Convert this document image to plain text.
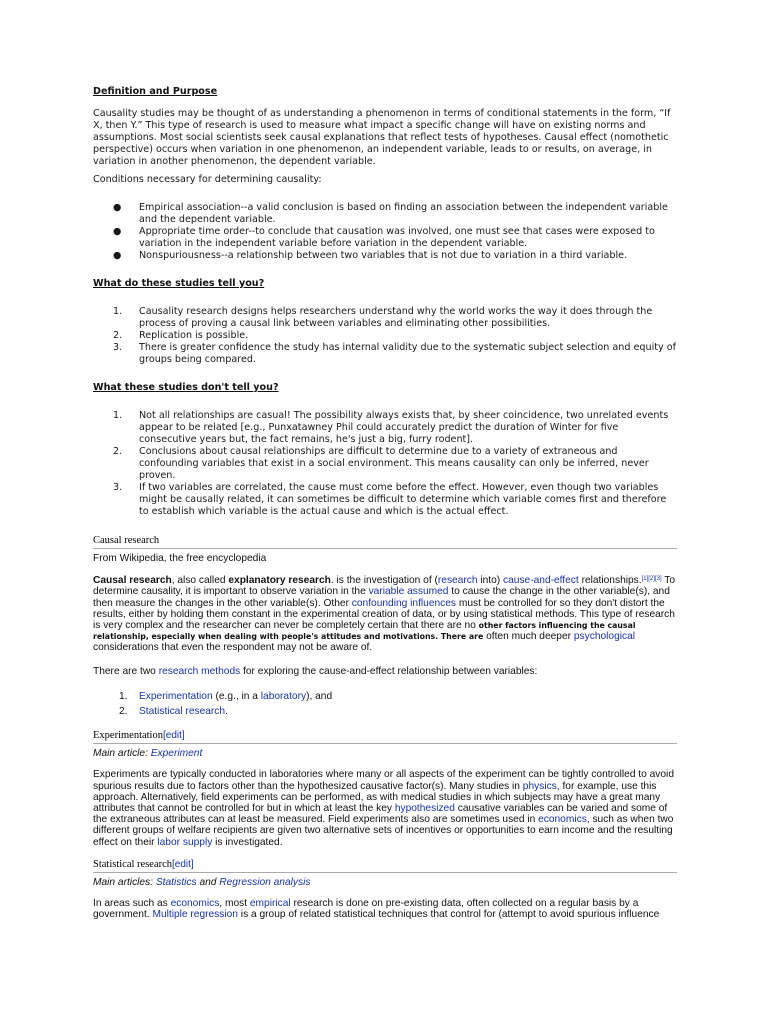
Definition and Purpose

Causality studies may be thought of as understanding a phenomenon in terms of conditional statements in the form, “If X, then Y.” This type of research is used to measure what impact a specific change will have on existing norms and assumptions. Most social scientists seek causal explanations that reflect tests of hypotheses. Causal effect (nomothetic perspective) occurs when variation in one phenomenon, an independent variable, leads to or results, on average, in variation in another phenomenon, the dependent variable.

Conditions necessary for determining causality:

● Empirical association--a valid conclusion is based on finding an association between the independent variable and the dependent variable.
● Appropriate time order--to conclude that causation was involved, one must see that cases were exposed to variation in the independent variable before variation in the dependent variable.
● Nonspuriousness--a relationship between two variables that is not due to variation in a third variable.
What do these studies tell you?
1. Causality research designs helps researchers understand why the world works the way it does through the process of proving a causal link between variables and eliminating other possibilities.
2. Replication is possible.
3. There is greater confidence the study has internal validity due to the systematic subject selection and equity of groups being compared.
What these studies don't tell you?
1. Not all relationships are casual! The possibility always exists that, by sheer coincidence, two unrelated events appear to be related [e.g., Punxatawney Phil could accurately predict the duration of Winter for five consecutive years but, the fact remains, he's just a big, furry rodent].
2. Conclusions about causal relationships are difficult to determine due to a variety of extraneous and confounding variables that exist in a social environment. This means causality can only be inferred, never proven.
3. If two variables are correlated, the cause must come before the effect. However, even though two variables might be causally related, it can sometimes be difficult to determine which variable comes first and therefore to establish which variable is the actual cause and which is the actual effect.
Causal research

From Wikipedia, the free encyclopedia

Causal research, also called explanatory research. is the investigation of (research into) cause-and-effect relationships.[1][2][3] To determine causality, it is important to observe variation in the variable assumed to cause the change in the other variable(s), and then measure the changes in the other variable(s). Other confounding influences must be controlled for so they don't distort the results, either by holding them constant in the experimental creation of data, or by using statistical methods. This type of research is very complex and the researcher can never be completely certain that there are no other factors influencing the causal relationship, especially when dealing with people's attitudes and motivations. There are often much deeper psychological considerations that even the respondent may not be aware of.

There are two research methods for exploring the cause-and-effect relationship between variables:

1. Experimentation (e.g., in a laboratory), and
2. Statistical research.
Experimentation[edit]

Main article: Experiment

Experiments are typically conducted in laboratories where many or all aspects of the experiment can be tightly controlled to avoid spurious results due to factors other than the hypothesized causative factor(s). Many studies in physics, for example, use this approach. Alternatively, field experiments can be performed, as with medical studies in which subjects may have a great many attributes that cannot be controlled for but in which at least the key hypothesized causative variables can be varied and some of the extraneous attributes can at least be measured. Field experiments also are sometimes used in economics, such as when two different groups of welfare recipients are given two alternative sets of incentives or opportunities to earn income and the resulting effect on their labor supply is investigated.

Statistical research[edit]

Main articles: Statistics and Regression analysis

In areas such as economics, most empirical research is done on pre-existing data, often collected on a regular basis by a government. Multiple regression is a group of related statistical techniques that control for (attempt to avoid spurious influence
